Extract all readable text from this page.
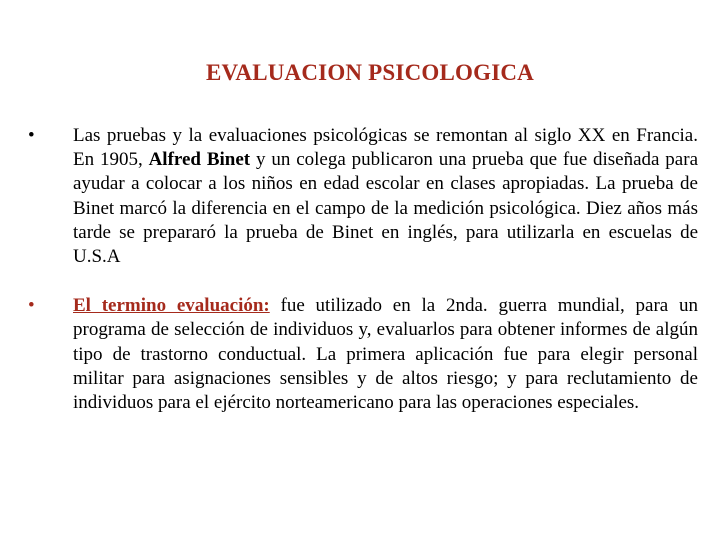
EVALUACION PSICOLOGICA
• Las pruebas y la evaluaciones psicológicas se remontan al siglo XX en Francia. En 1905, Alfred Binet y un colega publicaron una prueba que fue diseñada para ayudar a colocar a los niños en edad escolar en clases apropiadas. La prueba de Binet marcó la diferencia en el campo de la medición psicológica. Diez años más tarde se prepararó la prueba de Binet en inglés, para utilizarla en escuelas de U.S.A
• El termino evaluación: fue utilizado en la 2nda. guerra mundial, para un programa de selección de individuos y, evaluarlos para obtener informes de algún tipo de trastorno conductual. La primera aplicación fue para elegir personal militar para asignaciones sensibles y de altos riesgo; y para reclutamiento de individuos para el ejército norteamericano para las operaciones especiales.
